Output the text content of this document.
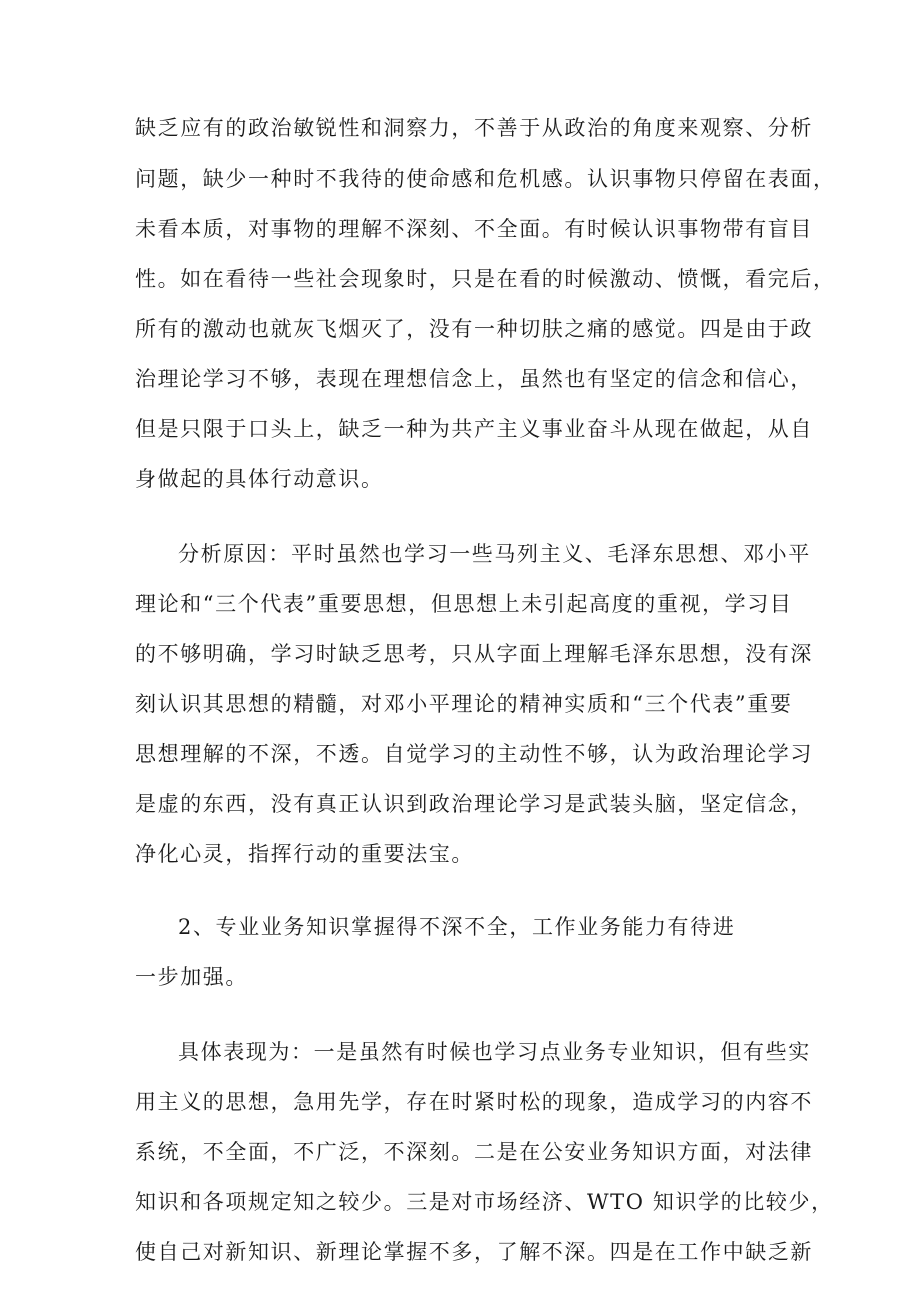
缺乏应有的政治敏锐性和洞察力，不善于从政治的角度来观察、分析
问题，缺少一种时不我待的使命感和危机感。认识事物只停留在表面，
未看本质，对事物的理解不深刻、不全面。有时候认识事物带有盲目
性。如在看待一些社会现象时，只是在看的时候激动、愤慨，看完后，
所有的激动也就灰飞烟灭了，没有一种切肤之痛的感觉。四是由于政
治理论学习不够，表现在理想信念上，虽然也有坚定的信念和信心，
但是只限于口头上，缺乏一种为共产主义事业奋斗从现在做起，从自
身做起的具体行动意识。
分析原因：平时虽然也学习一些马列主义、毛泽东思想、邓小平
理论和“三个代表”重要思想，但思想上未引起高度的重视，学习目
的不够明确，学习时缺乏思考，只从字面上理解毛泽东思想，没有深
刻认识其思想的精髓，对邓小平理论的精神实质和“三个代表”重要
思想理解的不深，不透。自觉学习的主动性不够，认为政治理论学习
是虚的东西，没有真正认识到政治理论学习是武装头脑，坚定信念，
净化心灵，指挥行动的重要法宝。
2、专业业务知识掌握得不深不全，工作业务能力有待进
一步加强。
具体表现为：一是虽然有时候也学习点业务专业知识，但有些实
用主义的思想，急用先学，存在时紧时松的现象，造成学习的内容不
系统，不全面，不广泛，不深刻。二是在公安业务知识方面，对法律
知识和各项规定知之较少。三是对市场经济、WTO 知识学的比较少，
使自己对新知识、新理论掌握不多，了解不深。四是在工作中缺乏新
